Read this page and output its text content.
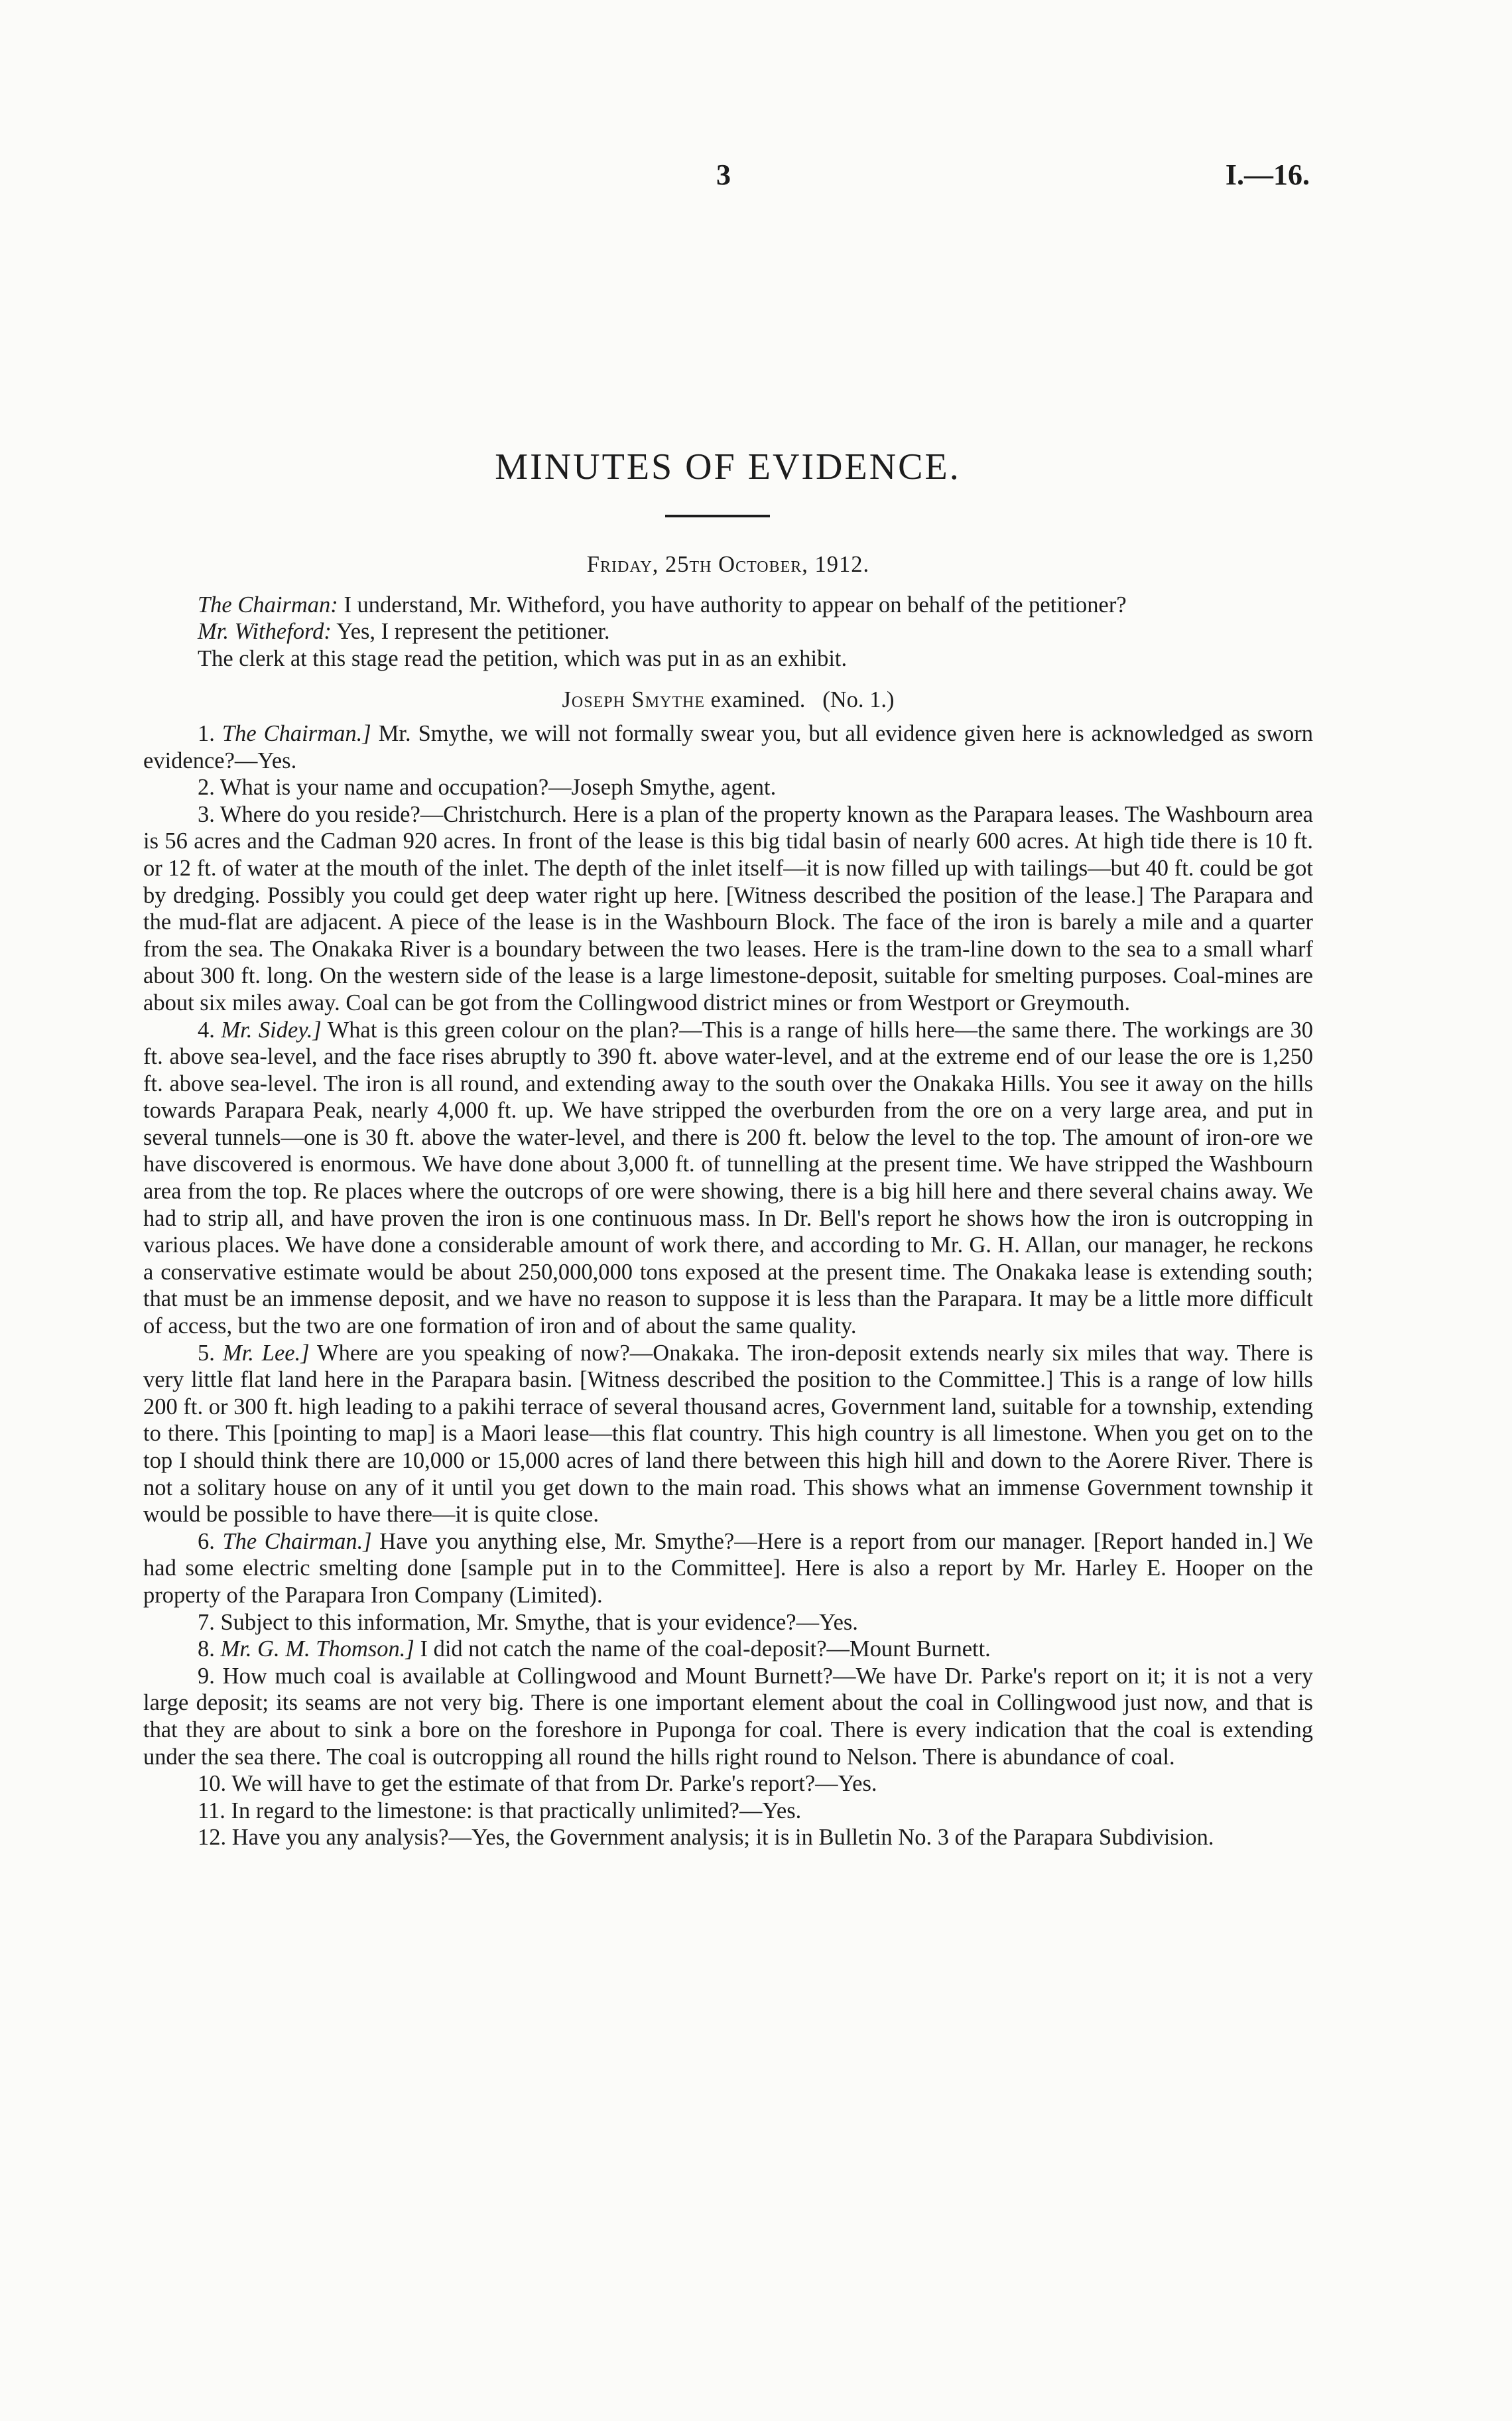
3	I.—16.
MINUTES OF EVIDENCE.

Friday, 25th October, 1912.

The Chairman: I understand, Mr. Witheford, you have authority to appear on behalf of the petitioner?

Mr. Witheford: Yes, I represent the petitioner.

The clerk at this stage read the petition, which was put in as an exhibit.

Joseph Smythe examined.   (No. 1.)

1. The Chairman.] Mr. Smythe, we will not formally swear you, but all evidence given here is acknowledged as sworn evidence?—Yes.

2. What is your name and occupation?—Joseph Smythe, agent.

3. Where do you reside?—Christchurch. Here is a plan of the property known as the Parapara leases. The Washbourn area is 56 acres and the Cadman 920 acres. In front of the lease is this big tidal basin of nearly 600 acres. At high tide there is 10 ft. or 12 ft. of water at the mouth of the inlet. The depth of the inlet itself—it is now filled up with tailings—but 40 ft. could be got by dredging. Possibly you could get deep water right up here. [Witness described the position of the lease.] The Parapara and the mud-flat are adjacent. A piece of the lease is in the Washbourn Block. The face of the iron is barely a mile and a quarter from the sea. The Onakaka River is a boundary between the two leases. Here is the tram-line down to the sea to a small wharf about 300 ft. long. On the western side of the lease is a large limestone-deposit, suitable for smelting purposes. Coal-mines are about six miles away. Coal can be got from the Collingwood district mines or from Westport or Greymouth.

4. Mr. Sidey.] What is this green colour on the plan?—This is a range of hills here—the same there. The workings are 30 ft. above sea-level, and the face rises abruptly to 390 ft. above water-level, and at the extreme end of our lease the ore is 1,250 ft. above sea-level. The iron is all round, and extending away to the south over the Onakaka Hills. You see it away on the hills towards Parapara Peak, nearly 4,000 ft. up. We have stripped the overburden from the ore on a very large area, and put in several tunnels—one is 30 ft. above the water-level, and there is 200 ft. below the level to the top. The amount of iron-ore we have discovered is enormous. We have done about 3,000 ft. of tunnelling at the present time. We have stripped the Washbourn area from the top. Re places where the outcrops of ore were showing, there is a big hill here and there several chains away. We had to strip all, and have proven the iron is one continuous mass. In Dr. Bell's report he shows how the iron is outcropping in various places. We have done a considerable amount of work there, and according to Mr. G. H. Allan, our manager, he reckons a conservative estimate would be about 250,000,000 tons exposed at the present time. The Onakaka lease is extending south; that must be an immense deposit, and we have no reason to suppose it is less than the Parapara. It may be a little more difficult of access, but the two are one formation of iron and of about the same quality.

5. Mr. Lee.] Where are you speaking of now?—Onakaka. The iron-deposit extends nearly six miles that way. There is very little flat land here in the Parapara basin. [Witness described the position to the Committee.] This is a range of low hills 200 ft. or 300 ft. high leading to a pakihi terrace of several thousand acres, Government land, suitable for a township, extending to there. This [pointing to map] is a Maori lease—this flat country. This high country is all limestone. When you get on to the top I should think there are 10,000 or 15,000 acres of land there between this high hill and down to the Aorere River. There is not a solitary house on any of it until you get down to the main road. This shows what an immense Government township it would be possible to have there—it is quite close.

6. The Chairman.] Have you anything else, Mr. Smythe?—Here is a report from our manager. [Report handed in.] We had some electric smelting done [sample put in to the Committee]. Here is also a report by Mr. Harley E. Hooper on the property of the Parapara Iron Company (Limited).

7. Subject to this information, Mr. Smythe, that is your evidence?—Yes.

8. Mr. G. M. Thomson.] I did not catch the name of the coal-deposit?—Mount Burnett.

9. How much coal is available at Collingwood and Mount Burnett?—We have Dr. Parke's report on it; it is not a very large deposit; its seams are not very big. There is one important element about the coal in Collingwood just now, and that is that they are about to sink a bore on the foreshore in Puponga for coal. There is every indication that the coal is extending under the sea there. The coal is outcropping all round the hills right round to Nelson. There is abundance of coal.

10. We will have to get the estimate of that from Dr. Parke's report?—Yes.

11. In regard to the limestone: is that practically unlimited?—Yes.

12. Have you any analysis?—Yes, the Government analysis; it is in Bulletin No. 3 of the Parapara Subdivision.
